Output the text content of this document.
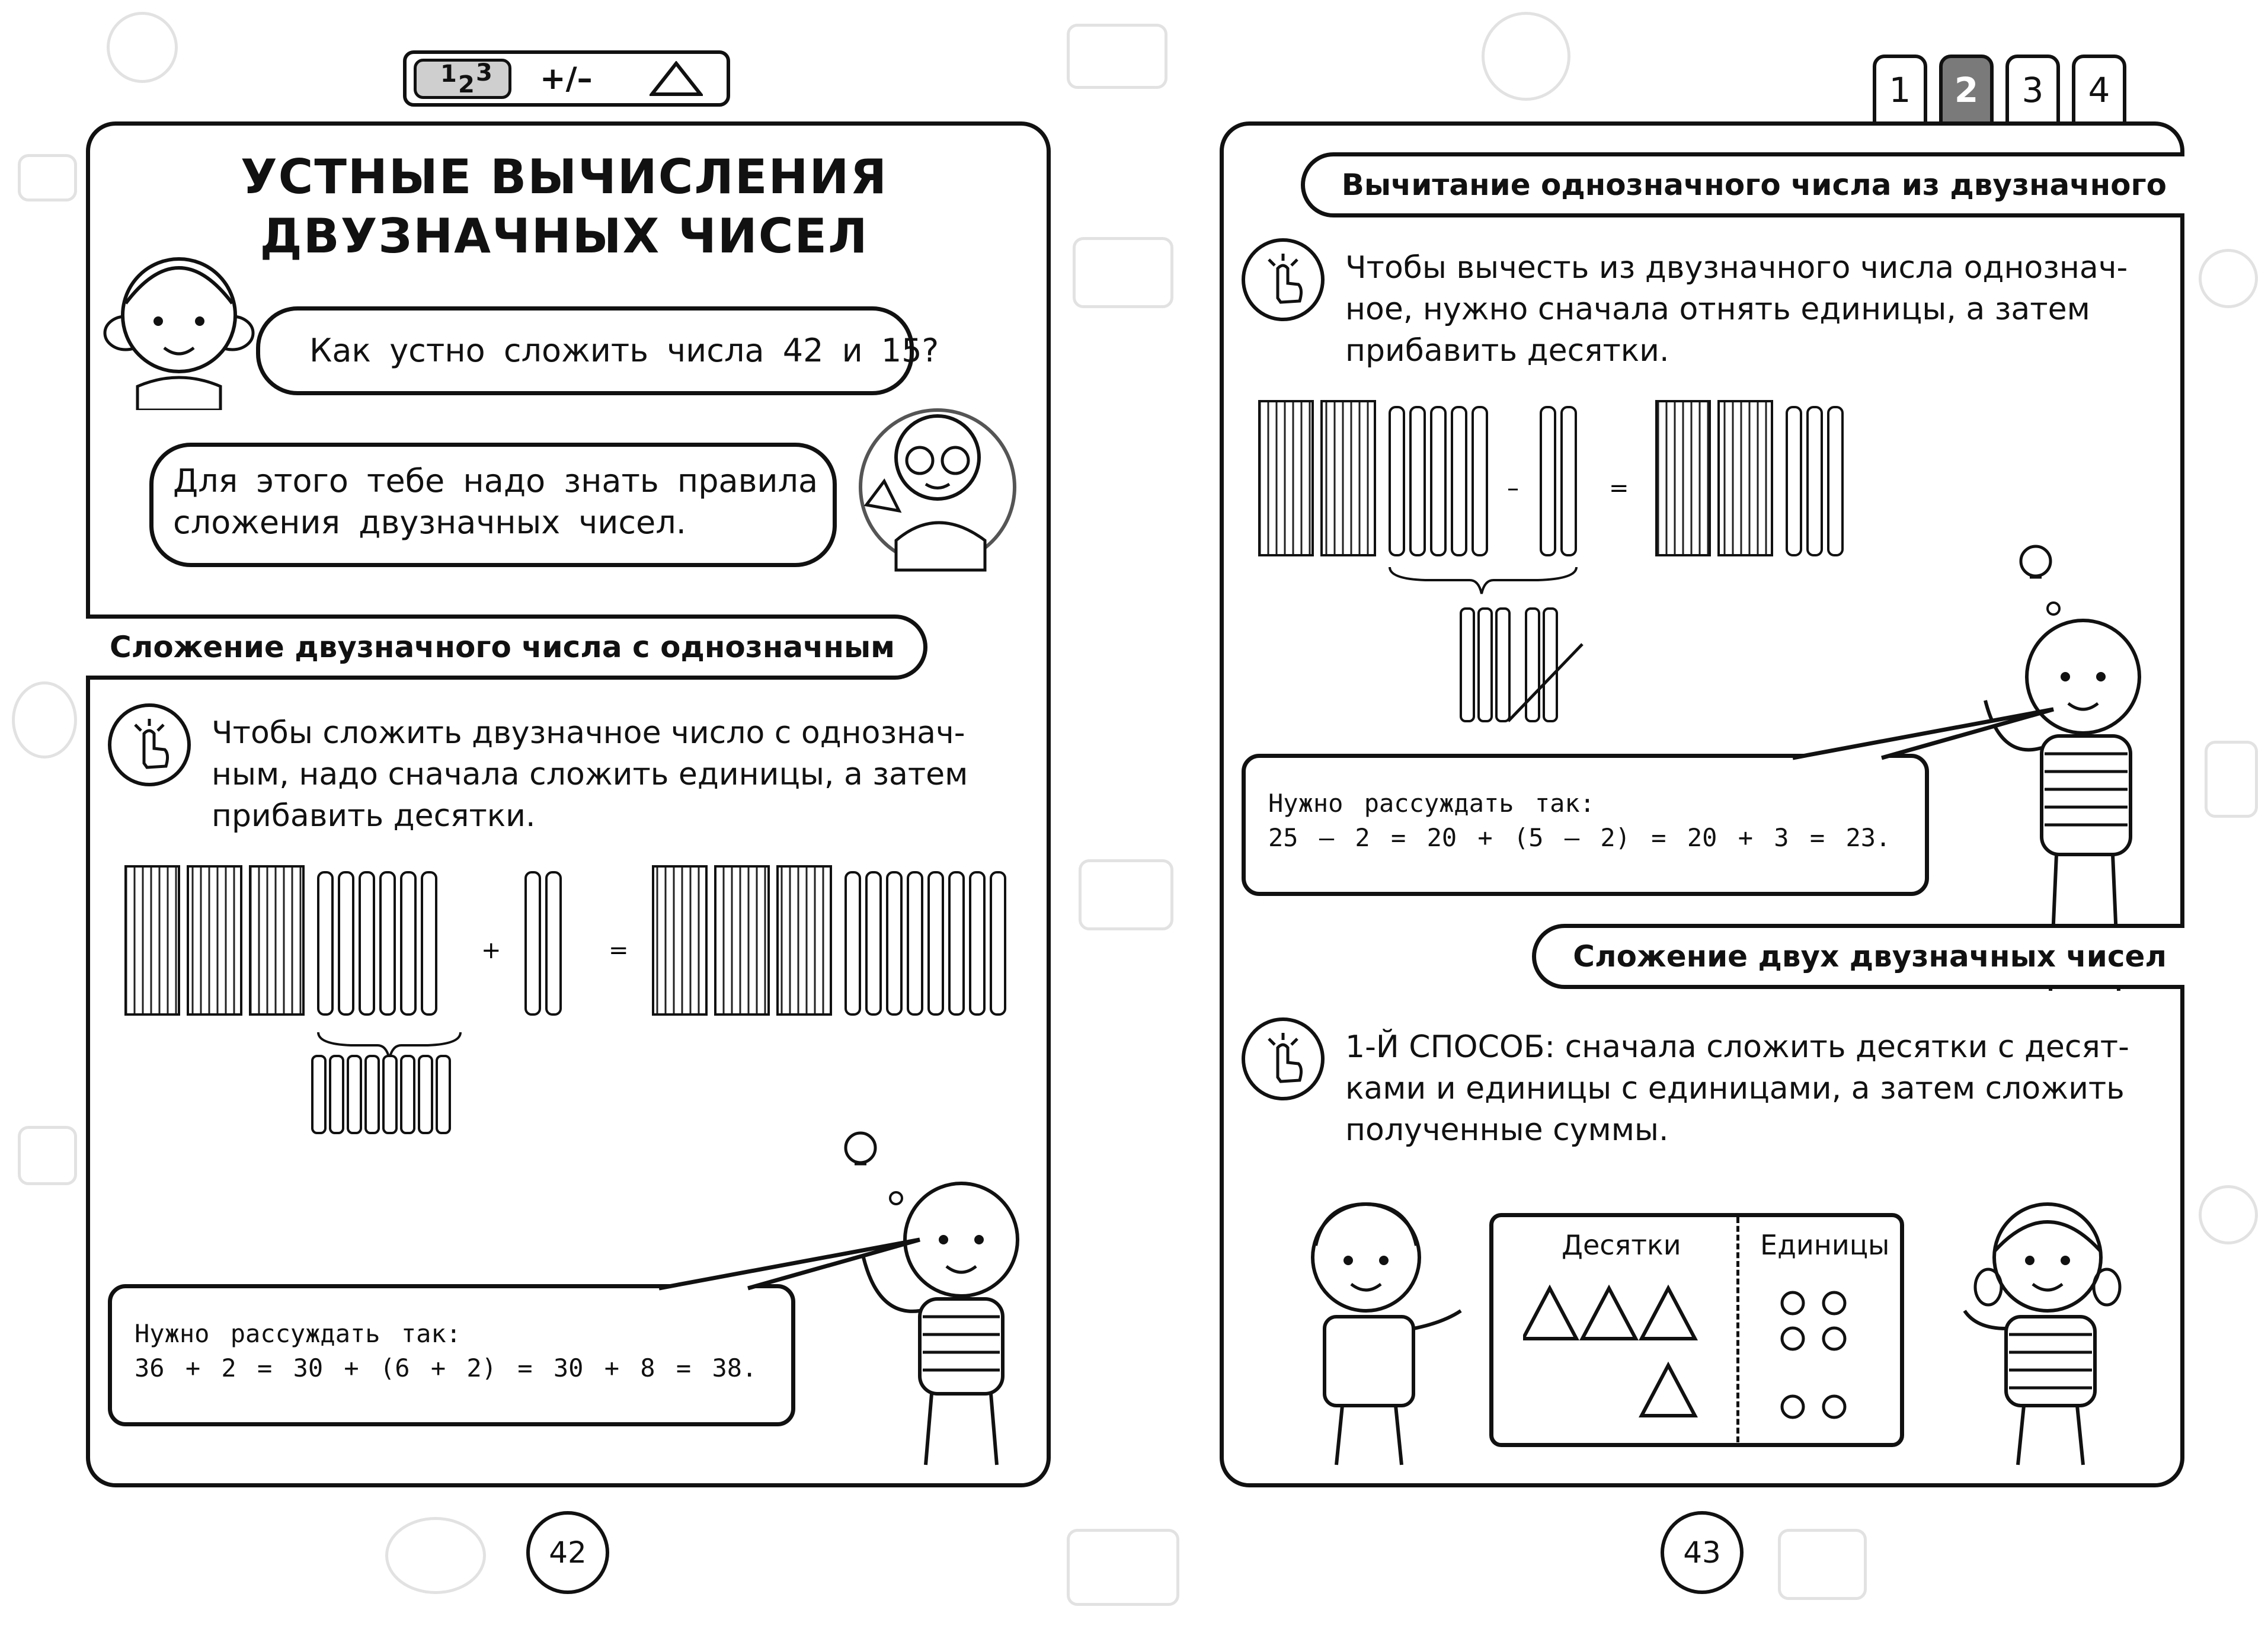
1 2 3 +/–	1	2	3	4
УСТНЫЕ ВЫЧИСЛЕНИЯ
ДВУЗНАЧНЫХ ЧИСЕЛ
Как устно сложить числа 42 и 15?
Для этого тебе надо знать правила
сложения двузначных чисел.
Сложение двузначного числа с однозначным
Чтобы сложить двузначное число с однознач-
ным, надо сначала сложить единицы, а затем
прибавить десятки.
+	=
Нужно рассуждать так:
36 + 2 = 30 + (6 + 2) = 30 + 8 = 38.
42
Вычитание однозначного числа из двузначного
Чтобы вычесть из двузначного числа однознач-
ное, нужно сначала отнять единицы, а затем
прибавить десятки.
–	=
Нужно рассуждать так:
25 – 2 = 20 + (5 – 2) = 20 + 3 = 23.
Сложение двух двузначных чисел
1-Й СПОСОБ: сначала сложить десятки с десят-
ками и единицы с единицами, а затем сложить
полученные суммы.
Десятки	Единицы
43
